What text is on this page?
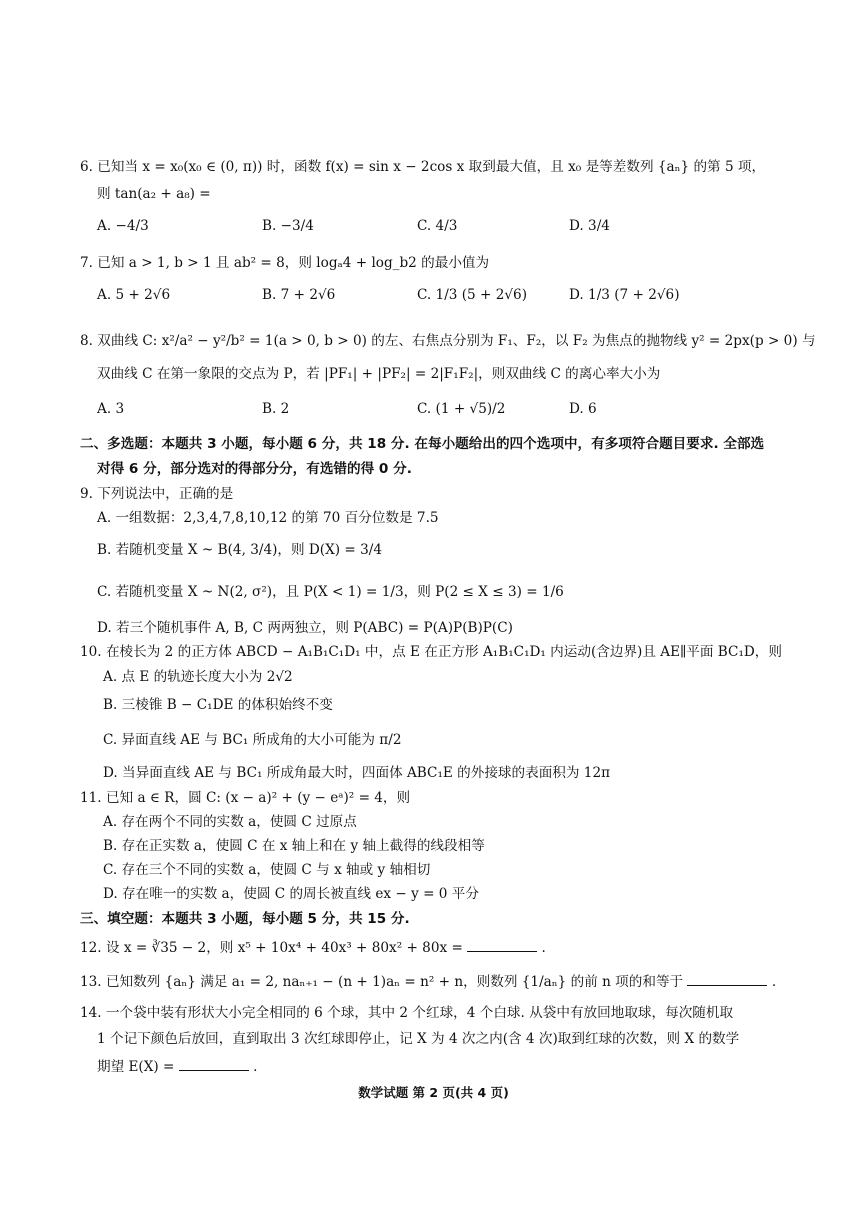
6. 已知当 x = x₀(x₀ ∈ (0, π)) 时，函数 f(x) = sin x − 2cos x 取到最大值，且 x₀ 是等差数列 {aₙ} 的第 5 项，
则 tan(a₂ + a₈) =
A. −4/3	B. −3/4	C. 4/3	D. 3/4
7. 已知 a > 1, b > 1 且 ab² = 8，则 logₐ4 + log_b2 的最小值为
A. 5 + 2√6	B. 7 + 2√6	C. 1/3 (5 + 2√6)	D. 1/3 (7 + 2√6)
8. 双曲线 C: x²/a² − y²/b² = 1(a > 0, b > 0) 的左、右焦点分别为 F₁、F₂，以 F₂ 为焦点的抛物线 y² = 2px(p > 0) 与
双曲线 C 在第一象限的交点为 P，若 |PF₁| + |PF₂| = 2|F₁F₂|，则双曲线 C 的离心率大小为
A. 3	B. 2	C. (1 + √5)/2	D. 6
二、多选题：本题共 3 小题，每小题 6 分，共 18 分. 在每小题给出的四个选项中，有多项符合题目要求. 全部选
对得 6 分，部分选对的得部分分，有选错的得 0 分.
9. 下列说法中，正确的是
A. 一组数据：2,3,4,7,8,10,12 的第 70 百分位数是 7.5
B. 若随机变量 X ~ B(4, 3/4)，则 D(X) = 3/4
C. 若随机变量 X ~ N(2, σ²)，且 P(X < 1) = 1/3，则 P(2 ≤ X ≤ 3) = 1/6
D. 若三个随机事件 A, B, C 两两独立，则 P(ABC) = P(A)P(B)P(C)
10. 在棱长为 2 的正方体 ABCD − A₁B₁C₁D₁ 中，点 E 在正方形 A₁B₁C₁D₁ 内运动(含边界)且 AE∥平面 BC₁D，则
A. 点 E 的轨迹长度大小为 2√2
B. 三棱锥 B − C₁DE 的体积始终不变
C. 异面直线 AE 与 BC₁ 所成角的大小可能为 π/2
D. 当异面直线 AE 与 BC₁ 所成角最大时，四面体 ABC₁E 的外接球的表面积为 12π
11. 已知 a ∈ R，圆 C: (x − a)² + (y − eᵃ)² = 4，则
A. 存在两个不同的实数 a，使圆 C 过原点
B. 存在正实数 a，使圆 C 在 x 轴上和在 y 轴上截得的线段相等
C. 存在三个不同的实数 a，使圆 C 与 x 轴或 y 轴相切
D. 存在唯一的实数 a，使圆 C 的周长被直线 ex − y = 0 平分
三、填空题：本题共 3 小题，每小题 5 分，共 15 分.
12. 设 x = ∛35 − 2，则 x⁵ + 10x⁴ + 40x³ + 80x² + 80x =	.
13. 已知数列 {aₙ} 满足 a₁ = 2, naₙ₊₁ − (n + 1)aₙ = n² + n，则数列 {1/aₙ} 的前 n 项的和等于	.
14. 一个袋中装有形状大小完全相同的 6 个球，其中 2 个红球，4 个白球. 从袋中有放回地取球，每次随机取
1 个记下颜色后放回，直到取出 3 次红球即停止，记 X 为 4 次之内(含 4 次)取到红球的次数，则 X 的数学
期望 E(X) =	.
数学试题 第 2 页(共 4 页)
